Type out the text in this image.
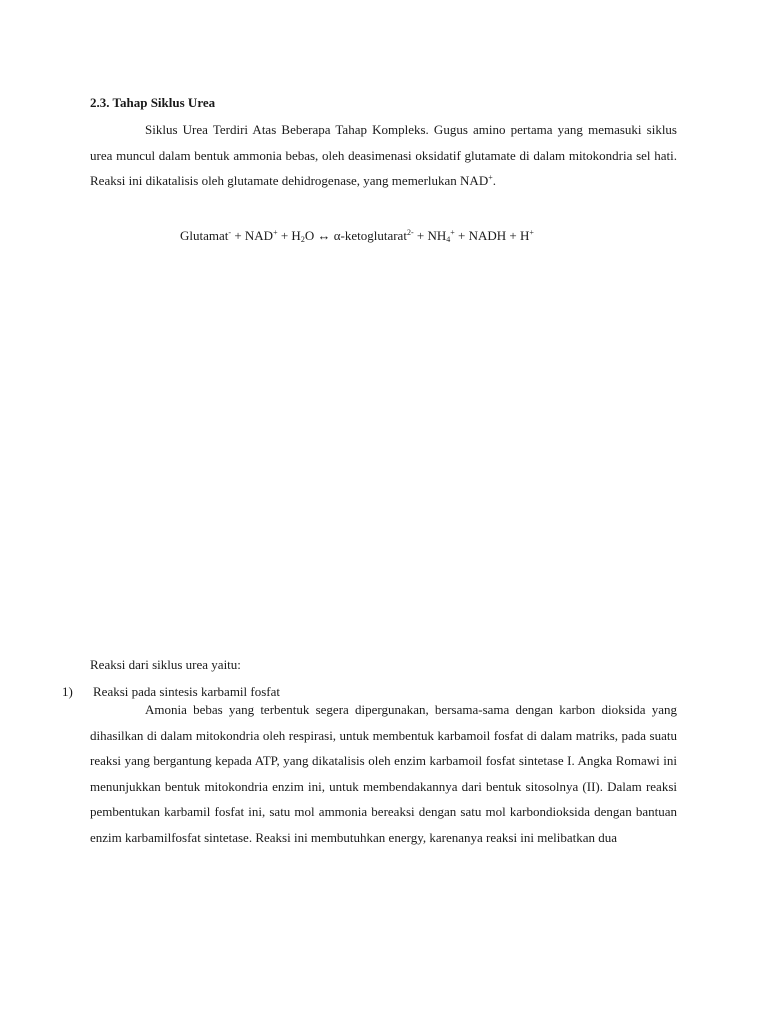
2.3. Tahap Siklus Urea

Siklus Urea Terdiri Atas Beberapa Tahap Kompleks. Gugus amino pertama yang memasuki siklus urea muncul dalam bentuk ammonia bebas, oleh deasimenasi oksidatif glutamate di dalam mitokondria sel hati. Reaksi ini dikatalisis oleh glutamate dehidrogenase, yang memerlukan NAD+.

Glutamat- + $NAD^+ + H_2O$ ↔ α-ketoglutarat$^{2-}$ + $NH_4^+$ + NADH + H+

Reaksi dari siklus urea yaitu:

1) Reaksi pada sintesis karbamil fosfat

Amonia bebas yang terbentuk segera dipergunakan, bersama-sama dengan karbon dioksida yang dihasilkan di dalam mitokondria oleh respirasi, untuk membentuk karbamoil fosfat di dalam matriks, pada suatu reaksi yang bergantung kepada ATP, yang dikatalisis oleh enzim karbamoil fosfat sintetase I. Angka Romawi ini menunjukkan bentuk mitokondria enzim ini, untuk membendakannya dari bentuk sitosolnya (II). Dalam reaksi pembentukan karbamil fosfat ini, satu mol ammonia bereaksi dengan satu mol karbondioksida dengan bantuan enzim karbamilfosfat sintetase. Reaksi ini membutuhkan energy, karenanya reaksi ini melibatkan dua
